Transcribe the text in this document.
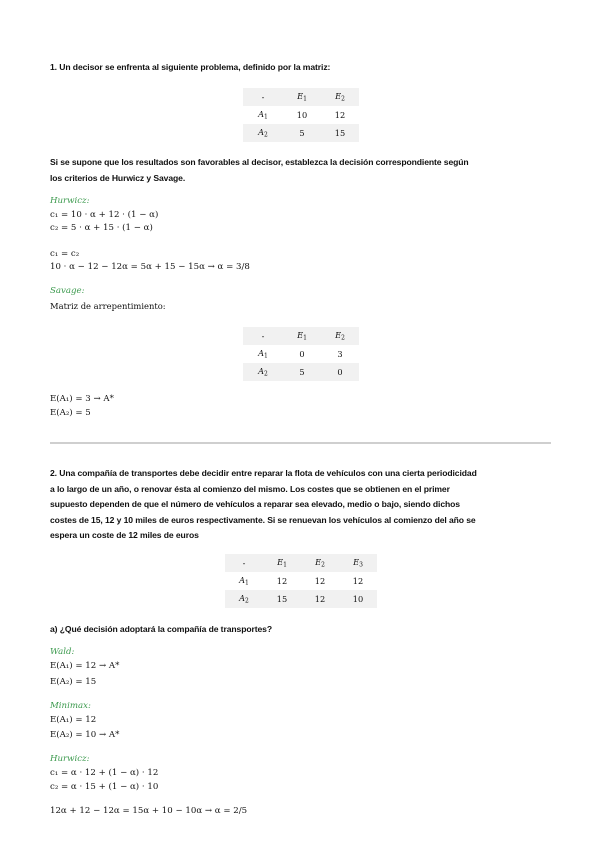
1. Un decisor se enfrenta al siguiente problema, definido por la matriz:
-	$E_1$	$E_2$
$A_1$	10	12
$A_2$	5	15
Si se supone que los resultados son favorables al decisor, establezca la decisión correspondiente según
los criterios de Hurwicz y Savage.
Hurwicz:
c₁ = 10 · α + 12 · (1 − α)
c₂ = 5 · α + 15 · (1 − α)
c₁ = c₂
10 · α − 12 − 12α = 5α + 15 − 15α → α = 3/8
Savage:
Matriz de arrepentimiento:
-	$E_1$	$E_2$
$A_1$	0	3
$A_2$	5	0
E(A₁) = 3 → A*
E(A₂) = 5
2. Una compañía de transportes debe decidir entre reparar la flota de vehículos con una cierta periodicidad
a lo largo de un año, o renovar ésta al comienzo del mismo. Los costes que se obtienen en el primer
supuesto dependen de que el número de vehículos a reparar sea elevado, medio o bajo, siendo dichos
costes de 15, 12 y 10 miles de euros respectivamente. Si se renuevan los vehículos al comienzo del año se
espera un coste de 12 miles de euros
-	$E_1$	$E_2$	$E_3$
$A_1$	12	12	12
$A_2$	15	12	10
a) ¿Qué decisión adoptará la compañía de transportes?
Wald:
E(A₁) = 12 → A*
E(A₂) = 15
Minimax:
E(A₁) = 12
E(A₂) = 10 → A*
Hurwicz:
c₁ = α · 12 + (1 − α) · 12
c₂ = α · 15 + (1 − α) · 10
12α + 12 − 12α = 15α + 10 − 10α → α = 2/5
